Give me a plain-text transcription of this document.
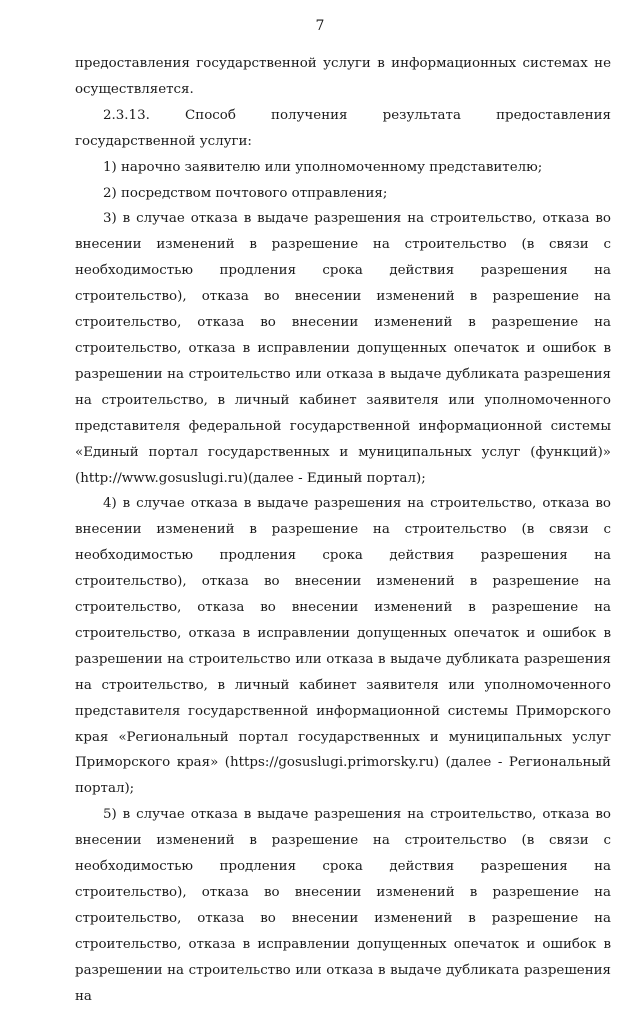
7

предоставления государственной услуги в информационных системах не осуществляется.

2.3.13. Способ получения результата предоставления государственной услуги:

1) нарочно заявителю или уполномоченному представителю;

2) посредством почтового отправления;

3) в случае отказа в выдаче разрешения на строительство, отказа во внесении изменений в разрешение на строительство (в связи с необходимостью продления срока действия разрешения на строительство), отказа во внесении изменений в разрешение на строительство, отказа во внесении изменений в разрешение на строительство, отказа в исправлении допущенных опечаток и ошибок в разрешении на строительство или отказа в выдаче дубликата разрешения на строительство, в личный кабинет заявителя или уполномоченного представителя федеральной государственной информационной системы «Единый портал государственных и муниципальных услуг (функций)» (http://www.gosuslugi.ru)(далее - Единый портал);

4) в случае отказа в выдаче разрешения на строительство, отказа во внесении изменений в разрешение на строительство (в связи с необходимостью продления срока действия разрешения на строительство), отказа во внесении изменений в разрешение на строительство, отказа во внесении изменений в разрешение на строительство, отказа в исправлении допущенных опечаток и ошибок в разрешении на строительство или отказа в выдаче дубликата разрешения на строительство, в личный кабинет заявителя или уполномоченного представителя государственной информационной системы Приморского края «Региональный портал государственных и муниципальных услуг Приморского края» (https://gosuslugi.primorsky.ru) (далее - Региональный портал);

5) в случае отказа в выдаче разрешения на строительство, отказа во внесении изменений в разрешение на строительство (в связи с необходимостью продления срока действия разрешения на строительство), отказа во внесении изменений в разрешение на строительство, отказа во внесении изменений в разрешение на строительство, отказа в исправлении допущенных опечаток и ошибок в разрешении на строительство или отказа в выдаче дубликата разрешения на
